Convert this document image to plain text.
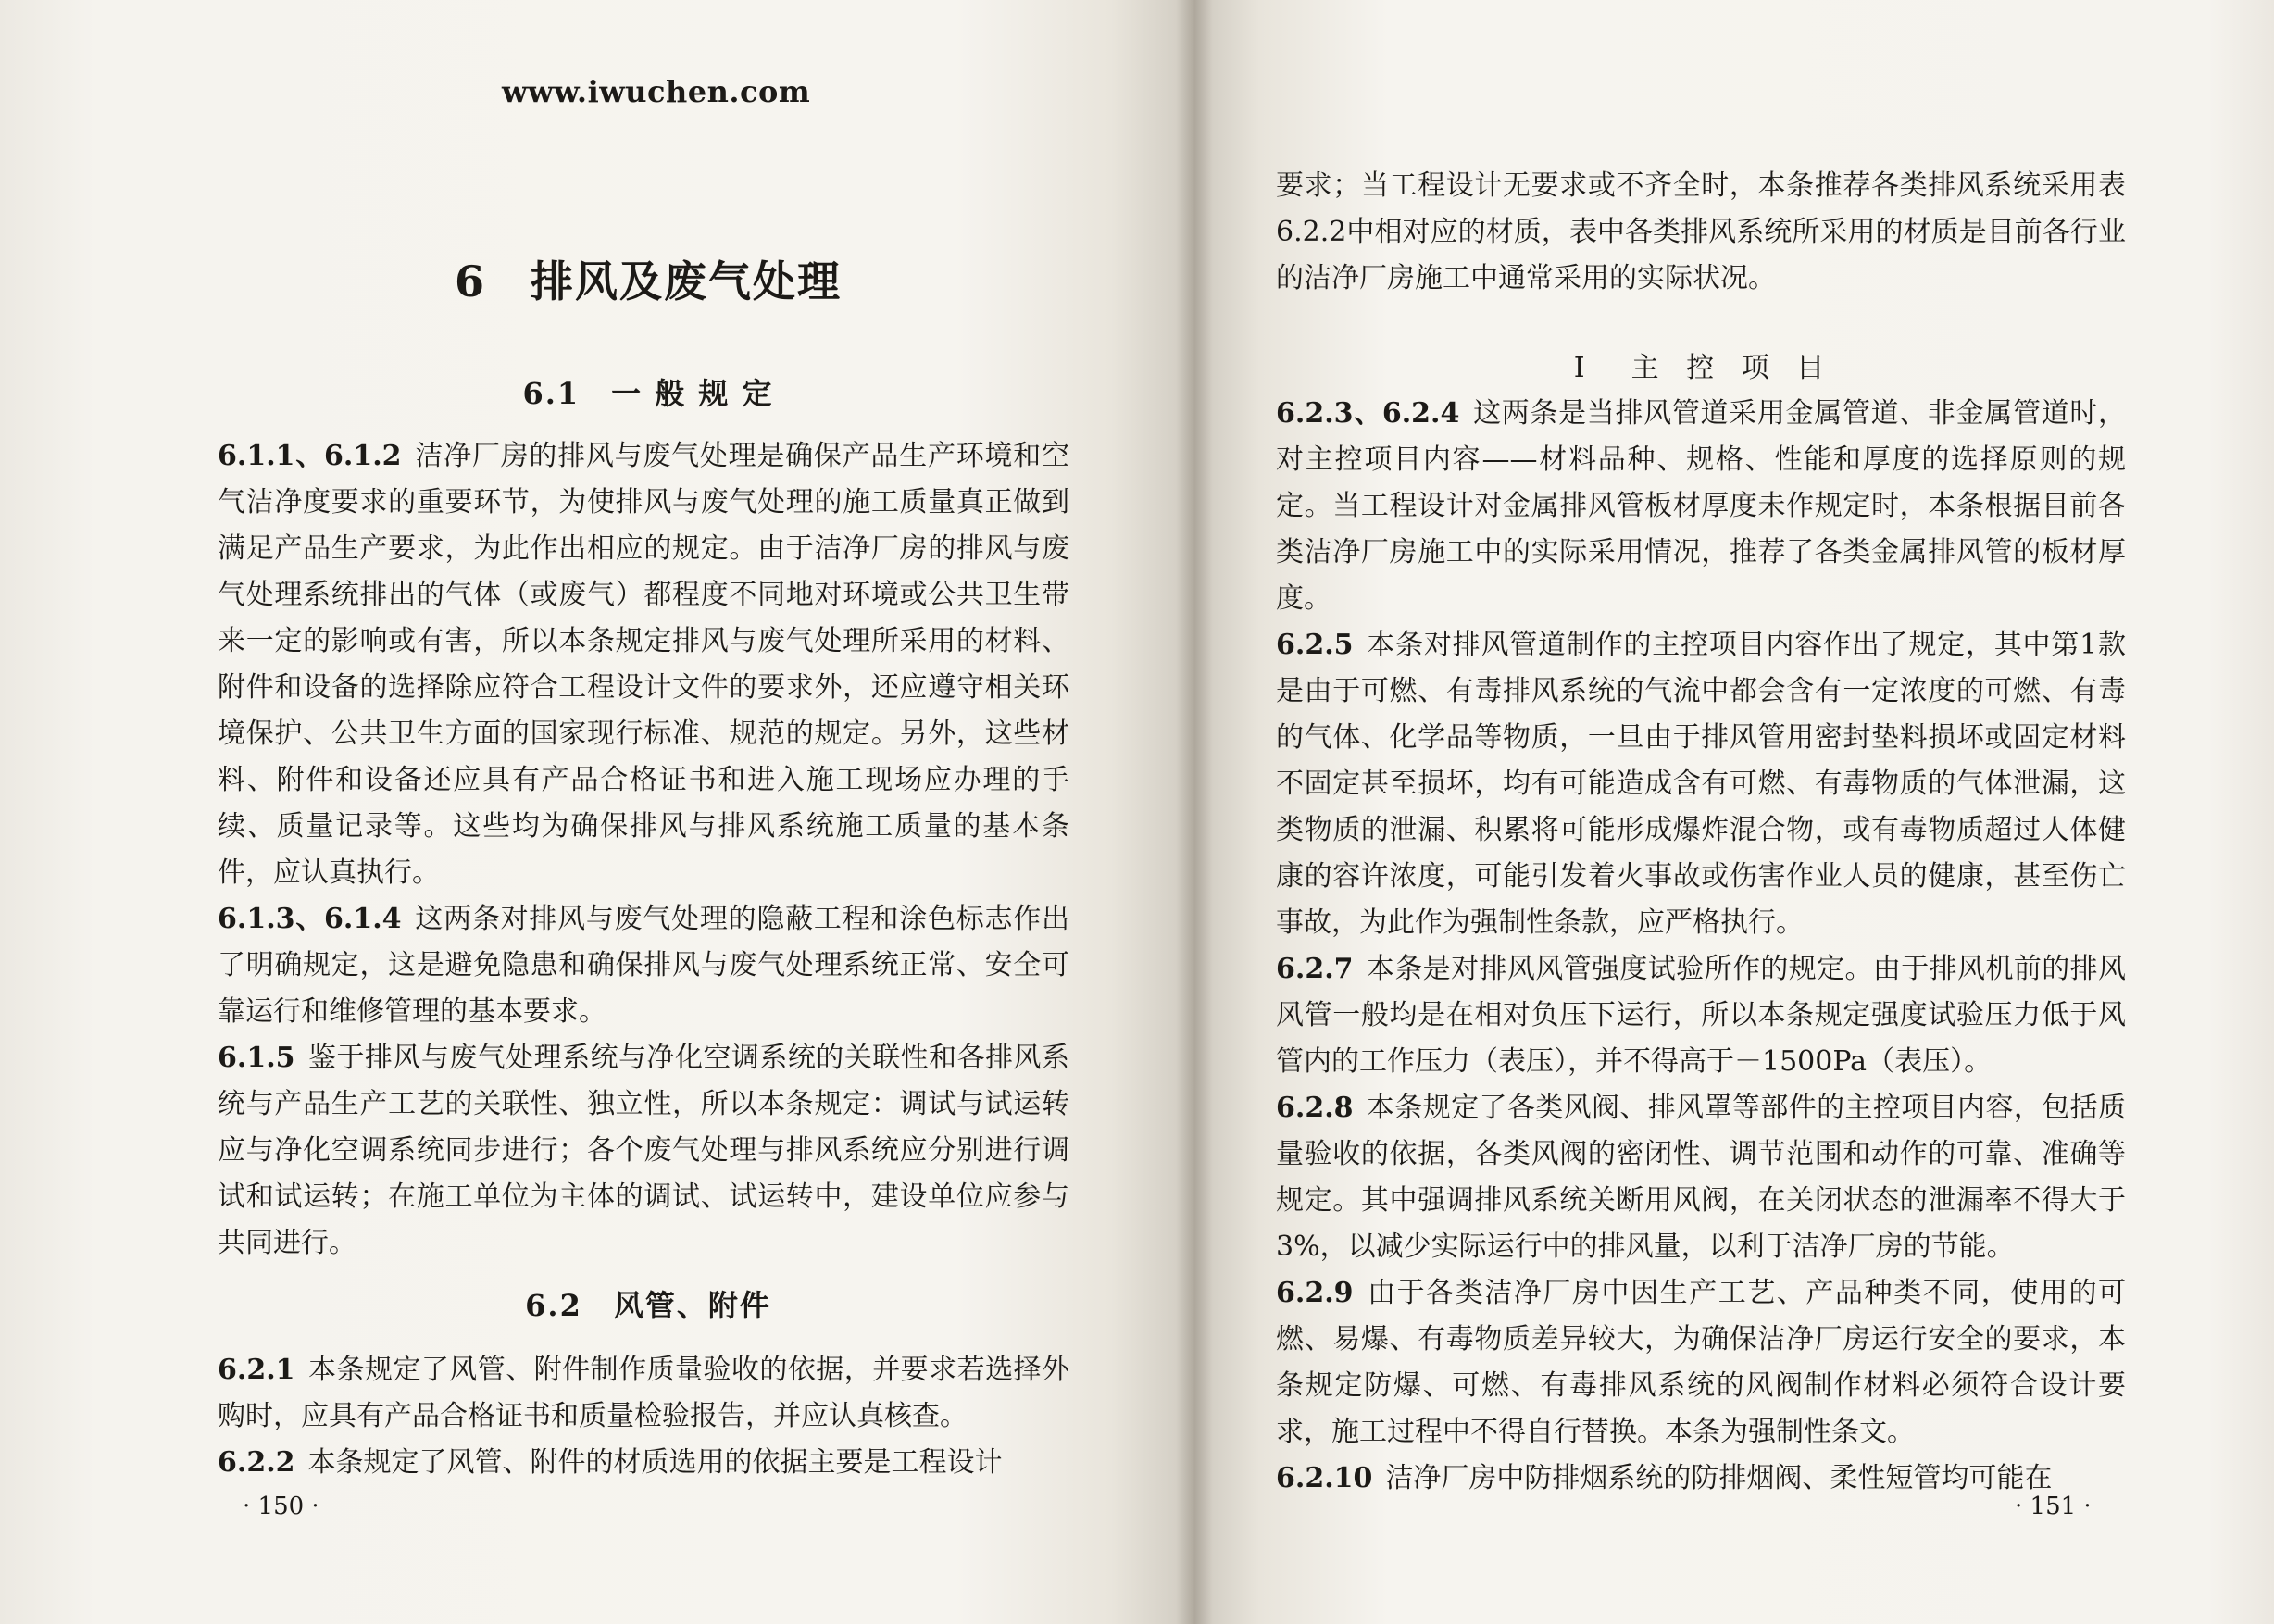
www.iwuchen.com
6　排风及废气处理
6.1　一 般 规 定

6.1.1、6.1.2 洁净厂房的排风与废气处理是确保产品生产环境和空气洁净度要求的重要环节，为使排风与废气处理的施工质量真正做到满足产品生产要求，为此作出相应的规定。由于洁净厂房的排风与废气处理系统排出的气体（或废气）都程度不同地对环境或公共卫生带来一定的影响或有害，所以本条规定排风与废气处理所采用的材料、附件和设备的选择除应符合工程设计文件的要求外，还应遵守相关环境保护、公共卫生方面的国家现行标准、规范的规定。另外，这些材料、附件和设备还应具有产品合格证书和进入施工现场应办理的手续、质量记录等。这些均为确保排风与排风系统施工质量的基本条件，应认真执行。

6.1.3、6.1.4 这两条对排风与废气处理的隐蔽工程和涂色标志作出了明确规定，这是避免隐患和确保排风与废气处理系统正常、安全可靠运行和维修管理的基本要求。

6.1.5 鉴于排风与废气处理系统与净化空调系统的关联性和各排风系统与产品生产工艺的关联性、独立性，所以本条规定：调试与试运转应与净化空调系统同步进行；各个废气处理与排风系统应分别进行调试和试运转；在施工单位为主体的调试、试运转中，建设单位应参与共同进行。

6.2　风管、附件

6.2.1 本条规定了风管、附件制作质量验收的依据，并要求若选择外购时，应具有产品合格证书和质量检验报告，并应认真核查。

6.2.2 本条规定了风管、附件的材质选用的依据主要是工程设计

· 150 ·	· 151 ·

要求；当工程设计无要求或不齐全时，本条推荐各类排风系统采用表6.2.2中相对应的材质，表中各类排风系统所采用的材质是目前各行业的洁净厂房施工中通常采用的实际状况。

Ⅰ　主 控 项 目

6.2.3、6.2.4 这两条是当排风管道采用金属管道、非金属管道时，对主控项目内容——材料品种、规格、性能和厚度的选择原则的规定。当工程设计对金属排风管板材厚度未作规定时，本条根据目前各类洁净厂房施工中的实际采用情况，推荐了各类金属排风管的板材厚度。

6.2.5 本条对排风管道制作的主控项目内容作出了规定，其中第1款是由于可燃、有毒排风系统的气流中都会含有一定浓度的可燃、有毒的气体、化学品等物质，一旦由于排风管用密封垫料损坏或固定材料不固定甚至损坏，均有可能造成含有可燃、有毒物质的气体泄漏，这类物质的泄漏、积累将可能形成爆炸混合物，或有毒物质超过人体健康的容许浓度，可能引发着火事故或伤害作业人员的健康，甚至伤亡事故，为此作为强制性条款，应严格执行。

6.2.7 本条是对排风风管强度试验所作的规定。由于排风机前的排风风管一般均是在相对负压下运行，所以本条规定强度试验压力低于风管内的工作压力（表压），并不得高于－1500Pa（表压）。

6.2.8 本条规定了各类风阀、排风罩等部件的主控项目内容，包括质量验收的依据，各类风阀的密闭性、调节范围和动作的可靠、准确等规定。其中强调排风系统关断用风阀，在关闭状态的泄漏率不得大于3%，以减少实际运行中的排风量，以利于洁净厂房的节能。

6.2.9 由于各类洁净厂房中因生产工艺、产品种类不同，使用的可燃、易爆、有毒物质差异较大，为确保洁净厂房运行安全的要求，本条规定防爆、可燃、有毒排风系统的风阀制作材料必须符合设计要求，施工过程中不得自行替换。本条为强制性条文。

6.2.10 洁净厂房中防排烟系统的防排烟阀、柔性短管均可能在
